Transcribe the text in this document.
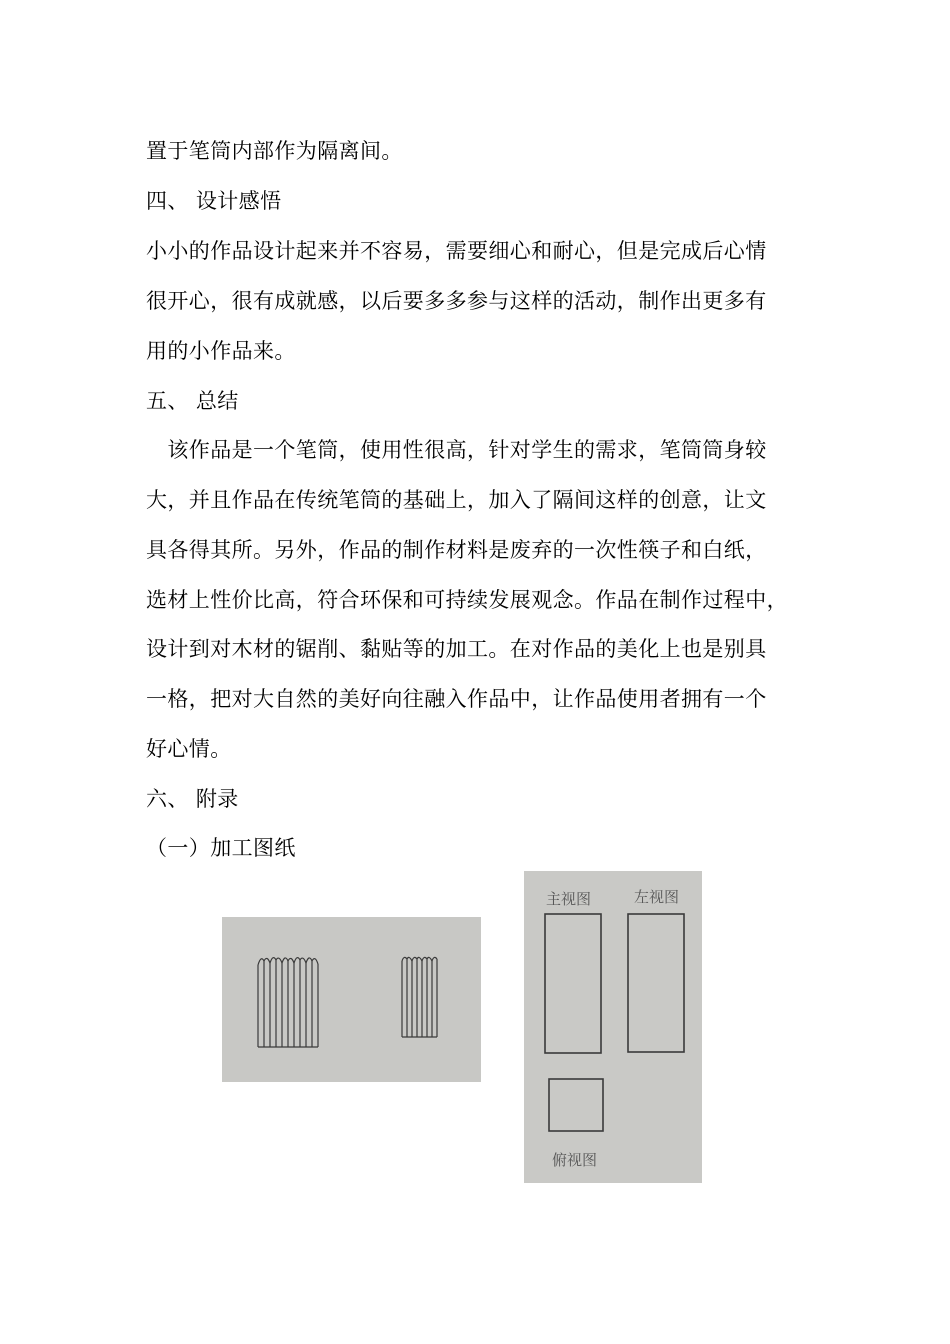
置于笔筒内部作为隔离间。
四、 设计感悟
小小的作品设计起来并不容易，需要细心和耐心，但是完成后心情
很开心，很有成就感，以后要多多参与这样的活动，制作出更多有
用的小作品来。
五、 总结
　该作品是一个笔筒，使用性很高，针对学生的需求，笔筒筒身较
大，并且作品在传统笔筒的基础上，加入了隔间这样的创意，让文
具各得其所。另外，作品的制作材料是废弃的一次性筷子和白纸，
选材上性价比高，符合环保和可持续发展观念。作品在制作过程中，
设计到对木材的锯削、黏贴等的加工。在对作品的美化上也是别具
一格，把对大自然的美好向往融入作品中，让作品使用者拥有一个
好心情。
六、 附录
（一）加工图纸
主视图	左视图
俯视图
